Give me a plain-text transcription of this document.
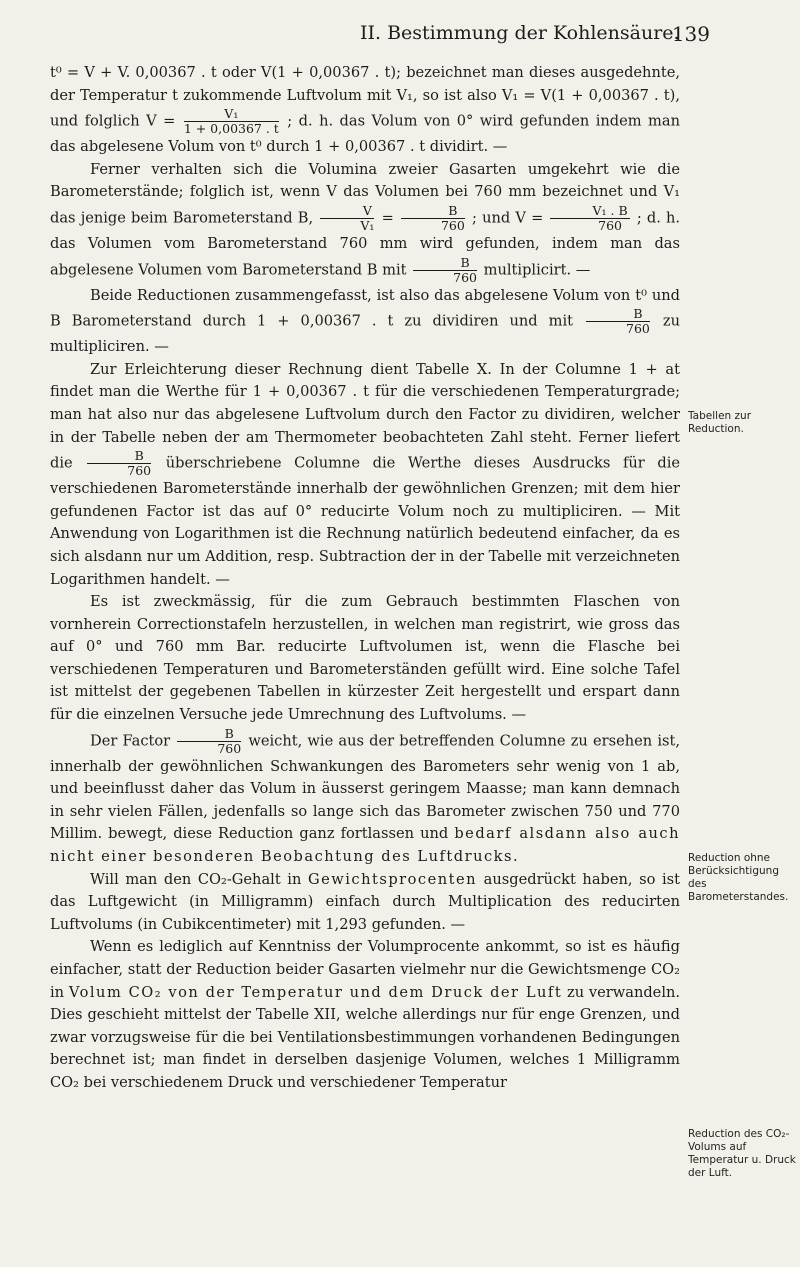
II. Bestimmung der Kohlensäure.
139

t⁰ = V + V. 0,00367 . t oder V(1 + 0,00367 . t); bezeichnet man dieses ausgedehnte, der Temperatur t zukommende Luftvolum mit V₁, so ist also V₁ = V(1 + 0,00367 . t), und folglich $V = \frac{\text{V₁}}{1 + 0,00367 . t}$ ; d. h. das Volum von 0° wird gefunden indem man das abgelesene Volum von t⁰ durch 1 + 0,00367 . t dividirt. —

Ferner verhalten sich die Volumina zweier Gasarten umgekehrt wie die Barometerstände; folglich ist, wenn V das Volumen bei 760 mm bezeichnet und V₁ das jenige beim Barometerstand B, $\frac{V}{\text{V₁}} = \frac{B}{760}$ ; und $V = \frac{\text{V₁ . B}}{760}$ ; d. h. das Volumen vom Barometerstand 760 mm wird gefunden, indem man das abgelesene Volumen vom Barometerstand B mit $\frac{B}{760}$ multiplicirt. —

Beide Reductionen zusammengefasst, ist also das abgelesene Volum von t⁰ und B Barometerstand durch 1 + 0,00367 . t zu dividiren und mit $\frac{B}{760}$ zu multipliciren. —

Zur Erleichterung dieser Rechnung dient Tabelle X. In der Columne 1 + at findet man die Werthe für 1 + 0,00367 . t für die verschiedenen Temperaturgrade; man hat also nur das abgelesene Luftvolum durch den Factor zu dividiren, welcher in der Tabelle neben der am Thermometer beobachteten Zahl steht. Ferner liefert die $\frac{B}{760}$ überschriebene Columne die Werthe dieses Ausdrucks für die verschiedenen Barometerstände innerhalb der gewöhnlichen Grenzen; mit dem hier gefundenen Factor ist das auf 0° reducirte Volum noch zu multipliciren. — Mit Anwendung von Logarithmen ist die Rechnung natürlich bedeutend einfacher, da es sich alsdann nur um Addition, resp. Subtraction der in der Tabelle mit verzeichneten Logarithmen handelt. —

Es ist zweckmässig, für die zum Gebrauch bestimmten Flaschen von vornherein Correctionstafeln herzustellen, in welchen man registrirt, wie gross das auf 0° und 760 mm Bar. reducirte Luftvolumen ist, wenn die Flasche bei verschiedenen Temperaturen und Barometerständen gefüllt wird. Eine solche Tafel ist mittelst der gegebenen Tabellen in kürzester Zeit hergestellt und erspart dann für die einzelnen Versuche jede Umrechnung des Luftvolums. —

Der Factor $\frac{B}{760}$ weicht, wie aus der betreffenden Columne zu ersehen ist, innerhalb der gewöhnlichen Schwankungen des Barometers sehr wenig von 1 ab, und beeinflusst daher das Volum in äusserst geringem Maasse; man kann demnach in sehr vielen Fällen, jedenfalls so lange sich das Barometer zwischen 750 und 770 Millim. bewegt, diese Reduction ganz fortlassen und bedarf alsdann also auch nicht einer besonderen Beobachtung des Luftdrucks.

Will man den CO₂-Gehalt in Gewichtsprocenten ausgedrückt haben, so ist das Luftgewicht (in Milligramm) einfach durch Multiplication des reducirten Luftvolums (in Cubikcentimeter) mit 1,293 gefunden. —

Wenn es lediglich auf Kenntniss der Volumprocente ankommt, so ist es häufig einfacher, statt der Reduction beider Gasarten vielmehr nur die Gewichtsmenge CO₂ in Volum CO₂ von der Temperatur und dem Druck der Luft zu verwandeln. Dies geschieht mittelst der Tabelle XII, welche allerdings nur für enge Grenzen, und zwar vorzugsweise für die bei Ventilationsbestimmungen vorhandenen Bedingungen berechnet ist; man findet in derselben dasjenige Volumen, welches 1 Milligramm CO₂ bei verschiedenem Druck und verschiedener Temperatur

Tabellen zur Reduction.
Reduction ohne Berücksichtigung des Barometerstandes.
Reduction des CO₂-Volums auf Temperatur u. Druck der Luft.
